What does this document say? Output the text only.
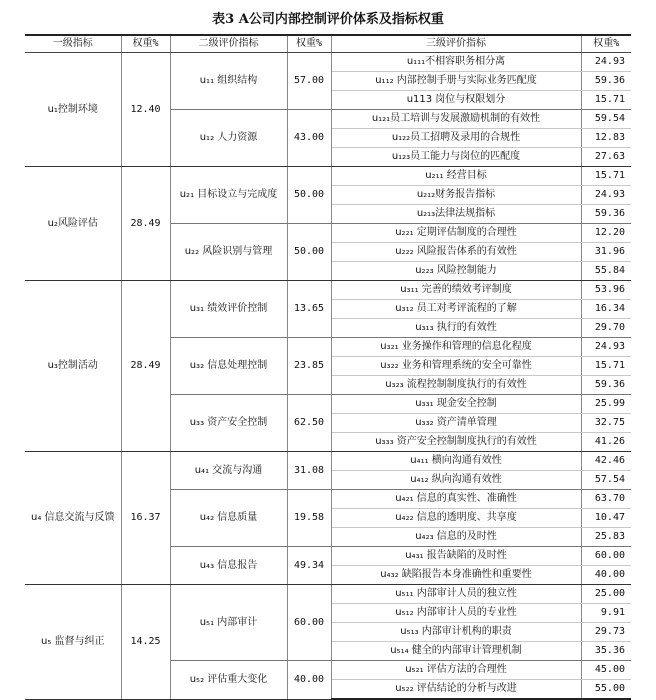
表3 A公司内部控制评价体系及指标权重
一级指标	权重%	二级评价指标	权重%	三级评价指标	权重%
u₁控制环境	12.40	u₁₁ 组织结构	57.00	u₁₁₁不相容职务相分离	24.93
				u₁₁₂ 内部控制手册与实际业务匹配度	59.36
				u113 岗位与权限划分	15.71
		u₁₂ 人力资源	43.00	u₁₂₁员工培训与发展激励机制的有效性	59.54
				u₁₂₂员工招聘及录用的合规性	12.83
				u₁₂₃员工能力与岗位的匹配度	27.63
u₂风险评估	28.49	u₂₁ 目标设立与完成度	50.00	u₂₁₁ 经营目标	15.71
				u₂₁₂财务报告指标	24.93
				u₂₁₃法律法规指标	59.36
		u₂₂ 风险识别与管理	50.00	u₂₂₁ 定期评估制度的合理性	12.20
				u₂₂₂ 风险报告体系的有效性	31.96
				u₂₂₃ 风险控制能力	55.84
u₃控制活动	28.49	u₃₁ 绩效评价控制	13.65	u₃₁₁ 完善的绩效考评制度	53.96
				u₃₁₂ 员工对考评流程的了解	16.34
				u₃₁₃ 执行的有效性	29.70
		u₃₂ 信息处理控制	23.85	u₃₂₁ 业务操作和管理的信息化程度	24.93
				u₃₂₂ 业务和管理系统的安全可靠性	15.71
				u₃₂₃ 流程控制制度执行的有效性	59.36
		u₃₃ 资产安全控制	62.50	u₃₃₁ 现金安全控制	25.99
				u₃₃₂ 资产清单管理	32.75
				u₃₃₃ 资产安全控制制度执行的有效性	41.26
u₄ 信息交流与反馈	16.37	u₄₁ 交流与沟通	31.08	u₄₁₁ 横向沟通有效性	42.46
				u₄₁₂ 纵向沟通有效性	57.54
		u₄₂ 信息质量	19.58	u₄₂₁ 信息的真实性、准确性	63.70
				u₄₂₂ 信息的透明度、共享度	10.47
				u₄₂₃ 信息的及时性	25.83
		u₄₃ 信息报告	49.34	u₄₃₁ 报告缺陷的及时性	60.00
				u₄₃₂ 缺陷报告本身准确性和重要性	40.00
u₅ 监督与纠正	14.25	u₅₁ 内部审计	60.00	u₅₁₁ 内部审计人员的独立性	25.00
				u₅₁₂ 内部审计人员的专业性	9.91
				u₅₁₃ 内部审计机构的职责	29.73
				u₅₁₄ 健全的内部审计管理机制	35.36
		u₅₂ 评估重大变化	40.00	u₅₂₁ 评估方法的合理性	45.00
				u₅₂₂ 评估结论的分析与改进	55.00
